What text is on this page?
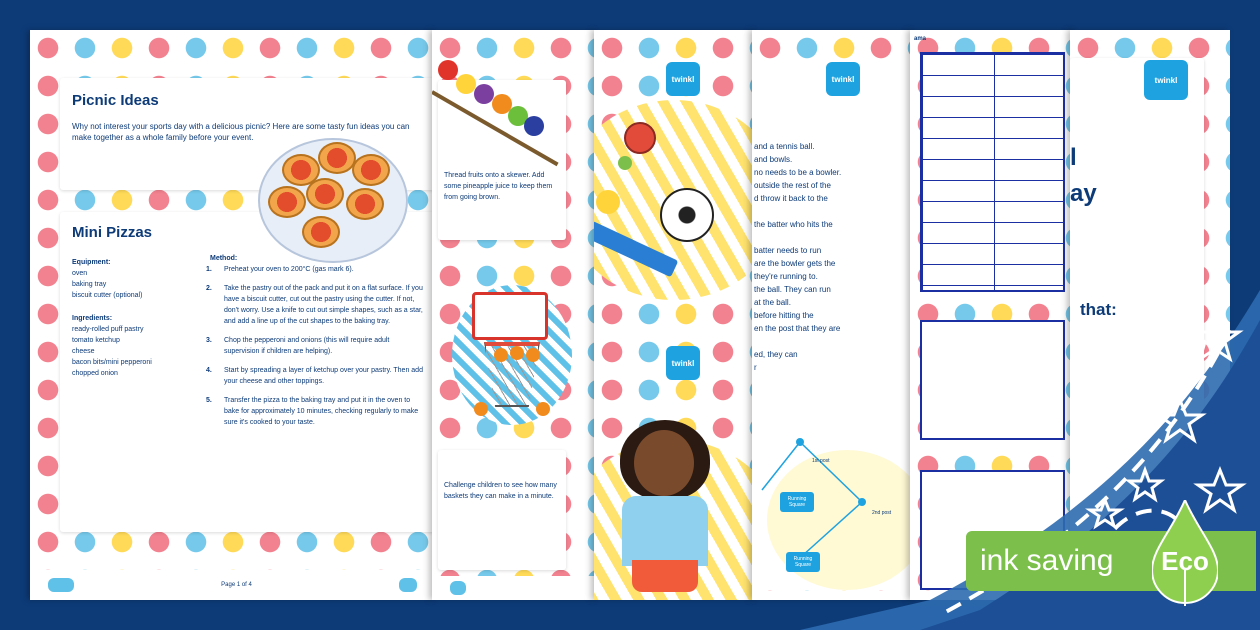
Picnic Ideas
Why not interest your sports day with a delicious picnic? Here are some tasty fun ideas you can make together as a whole family before your event.
Mini Pizzas
Equipment:
oven
baking tray
biscuit cutter (optional)
Ingredients:
ready-rolled puff pastry
tomato ketchup
cheese
bacon bits/mini pepperoni
chopped onion
Method:
1.	Preheat your oven to 200°C (gas mark 6).
2.	Take the pastry out of the pack and put it on a flat surface. If you have a biscuit cutter, cut out the pastry using the cutter. If not, don't worry. Use a knife to cut out simple shapes, such as a star, and add a line up of the cut shapes to the baking tray.
3.	Chop the pepperoni and onions (this will require adult supervision if children are helping).
4.	Start by spreading a layer of ketchup over your pastry. Then add your cheese and other toppings.
5.	Transfer the pizza to the baking tray and put it in the oven to bake for approximately 10 minutes, checking regularly to make sure it's cooked to your taste.
Page 1 of 4
Thread fruits onto a skewer. Add some pineapple juice to keep them from going brown.
Challenge children to see how many baskets they can make in a minute.
twinkl
twinkl
twinkl
and a tennis ball.
and bowls.
no needs to be a bowler.
outside the rest of the
d throw it back to the
the batter who hits the
batter needs to run
are the bowler gets the
they're running to.
the ball. They can run
at the ball.
before hitting the
en the post that they are
ed, they can
r
Running Square
Running Square
1st post
2nd post
ama
twinkl
l
ay
that:
ink saving Eco
